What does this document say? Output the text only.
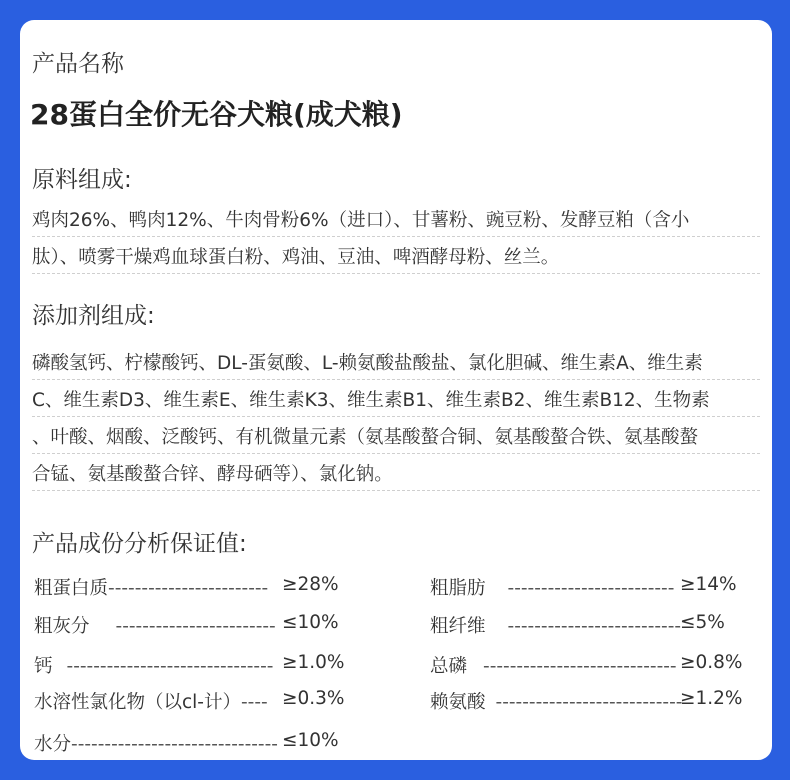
产品名称
28蛋白全价无谷犬粮(成犬粮)
原料组成:
鸡肉26%、鸭肉12%、牛肉骨粉6%（进口）、甘薯粉、豌豆粉、发酵豆粕（含小
肽）、喷雾干燥鸡血球蛋白粉、鸡油、豆油、啤酒酵母粉、丝兰。
添加剂组成:
磷酸氢钙、柠檬酸钙、DL-蛋氨酸、L-赖氨酸盐酸盐、氯化胆碱、维生素A、维生素
C、维生素D3、维生素E、维生素K3、维生素B1、维生素B2、维生素B12、生物素
、叶酸、烟酸、泛酸钙、有机微量元素（氨基酸螯合铜、氨基酸螯合铁、氨基酸螯
合锰、氨基酸螯合锌、酵母硒等）、氯化钠。
产品成份分析保证值:
粗蛋白质------------------------ ≥28%
粗灰分 ------------------------ ≤10%
钙 ------------------------------- ≥1.0%
水溶性氯化物（以cl-计）---- ≥0.3%
水分------------------------------- ≤10%
粗脂肪 ------------------------- ≥14%
粗纤维 --------------------------
≤5%
总磷 ----------------------------- ≥0.8%
赖氨酸 ----------------------------
≥1.2%
